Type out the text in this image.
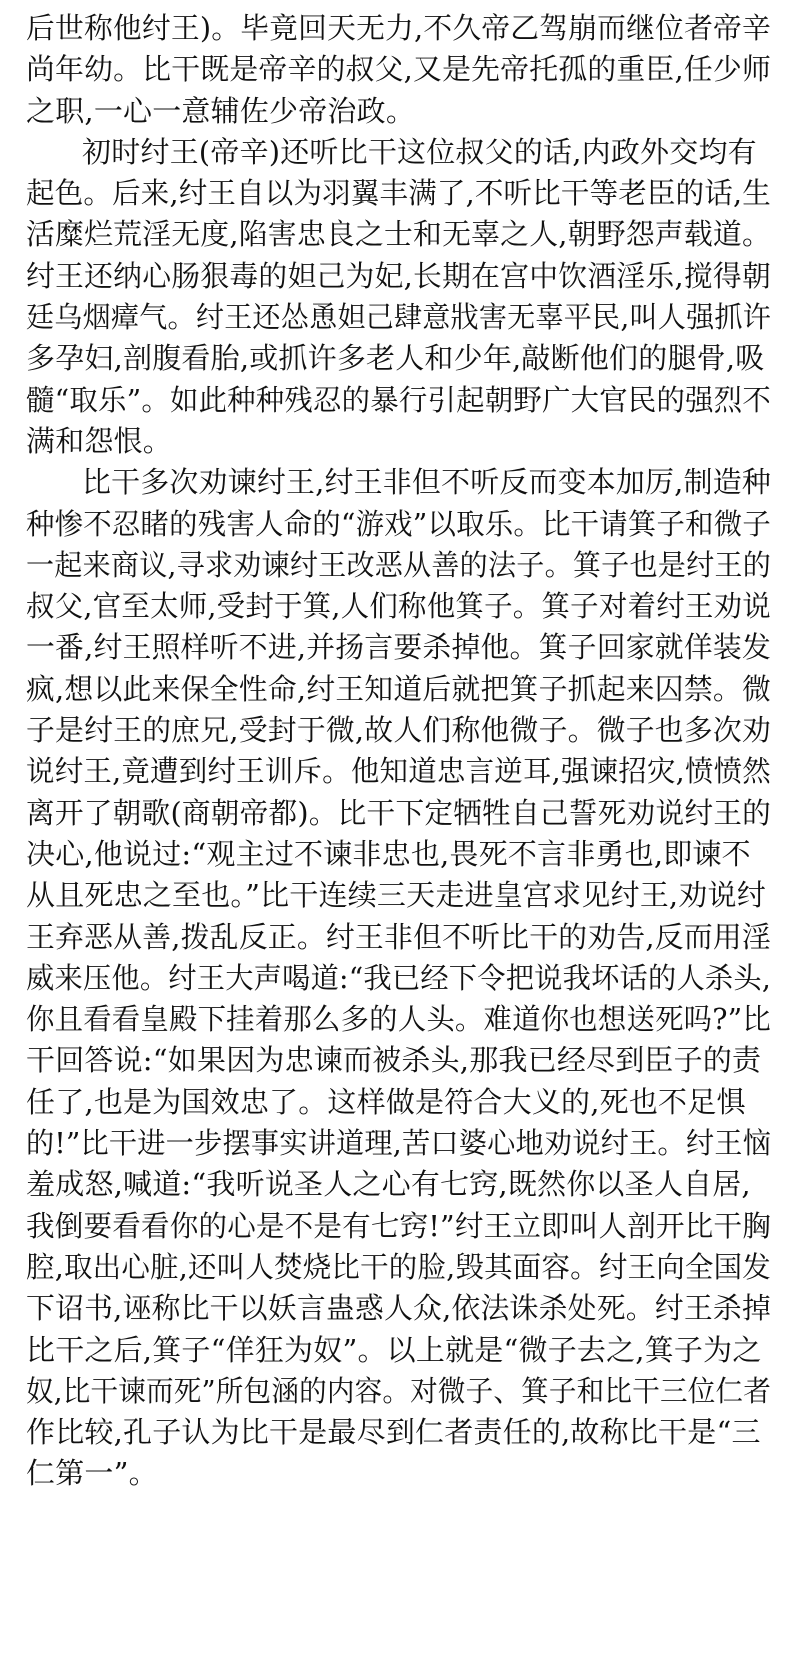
后世称他纣王)。毕竟回天无力,不久帝乙驾崩而继位者帝辛
尚年幼。比干既是帝辛的叔父,又是先帝托孤的重臣,任少师
之职,一心一意辅佐少帝治政。
初时纣王(帝辛)还听比干这位叔父的话,内政外交均有
起色。后来,纣王自以为羽翼丰满了,不听比干等老臣的话,生
活糜烂荒淫无度,陷害忠良之士和无辜之人,朝野怨声载道。
纣王还纳心肠狠毒的妲己为妃,长期在宫中饮酒淫乐,搅得朝
廷乌烟瘴气。纣王还怂恿妲己肆意戕害无辜平民,叫人强抓许
多孕妇,剖腹看胎,或抓许多老人和少年,敲断他们的腿骨,吸
髓“取乐”。如此种种残忍的暴行引起朝野广大官民的强烈不
满和怨恨。
比干多次劝谏纣王,纣王非但不听反而变本加厉,制造种
种惨不忍睹的残害人命的“游戏”以取乐。比干请箕子和微子
一起来商议,寻求劝谏纣王改恶从善的法子。箕子也是纣王的
叔父,官至太师,受封于箕,人们称他箕子。箕子对着纣王劝说
一番,纣王照样听不进,并扬言要杀掉他。箕子回家就佯装发
疯,想以此来保全性命,纣王知道后就把箕子抓起来囚禁。微
子是纣王的庶兄,受封于微,故人们称他微子。微子也多次劝
说纣王,竟遭到纣王训斥。他知道忠言逆耳,强谏招灾,愤愤然
离开了朝歌(商朝帝都)。比干下定牺牲自己誓死劝说纣王的
决心,他说过:“观主过不谏非忠也,畏死不言非勇也,即谏不
从且死忠之至也。”比干连续三天走进皇宫求见纣王,劝说纣
王弃恶从善,拨乱反正。纣王非但不听比干的劝告,反而用淫
威来压他。纣王大声喝道:“我已经下令把说我坏话的人杀头,
你且看看皇殿下挂着那么多的人头。难道你也想送死吗?”比
干回答说:“如果因为忠谏而被杀头,那我已经尽到臣子的责
任了,也是为国效忠了。这样做是符合大义的,死也不足惧
的!”比干进一步摆事实讲道理,苦口婆心地劝说纣王。纣王恼
羞成怒,喊道:“我听说圣人之心有七窍,既然你以圣人自居,
我倒要看看你的心是不是有七窍!”纣王立即叫人剖开比干胸
腔,取出心脏,还叫人焚烧比干的脸,毁其面容。纣王向全国发
下诏书,诬称比干以妖言蛊惑人众,依法诛杀处死。纣王杀掉
比干之后,箕子“佯狂为奴”。以上就是“微子去之,箕子为之
奴,比干谏而死”所包涵的内容。对微子、箕子和比干三位仁者
作比较,孔子认为比干是最尽到仁者责任的,故称比干是“三
仁第一”。
